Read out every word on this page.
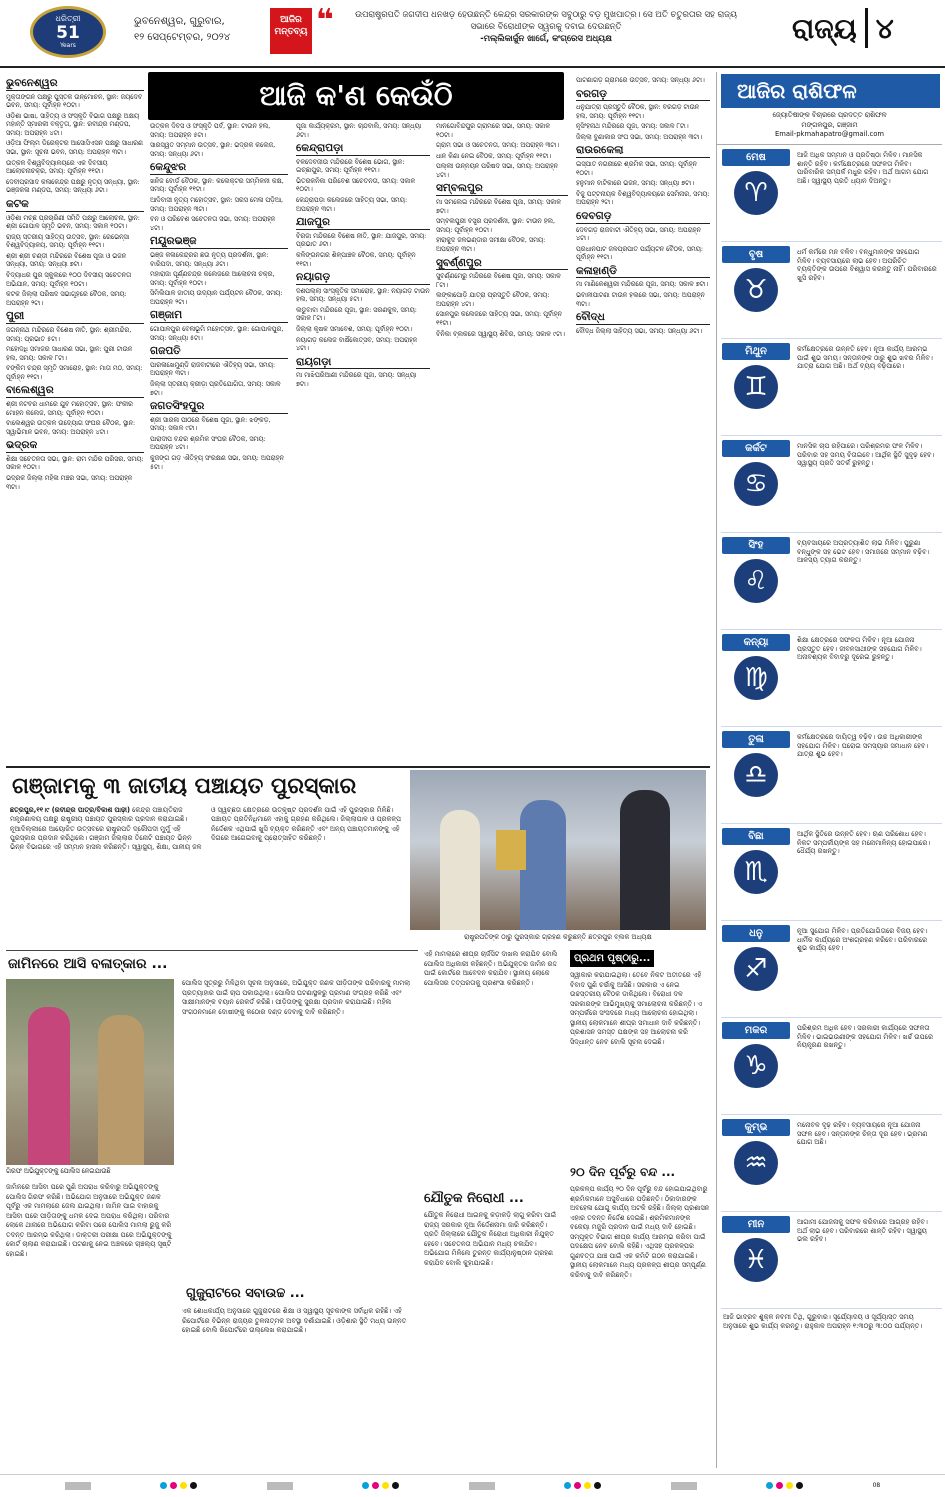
ଧରିତ୍ରୀ
51
Years
ଭୁବନେଶ୍ୱର, ଗୁରୁବାର,
୧୨ ସେପ୍ଟେମ୍ବର, ୨୦୨୪
ଆଜିର
ମନ୍ତବ୍ୟ ❝	ଉପରାଷ୍ଟ୍ରପତି ଜଗଦୀପ ଧନଖଡ଼ ହେଉଛନ୍ତି କେନ୍ଦ୍ର ସରକାରଙ୍କ ସବୁଠାରୁ ବଡ଼ ମୁଖପାତ୍ର। ସେ ଅତି ଚତୁରତାର ସହ ରାଜ୍ୟ ସଭାରେ ବିରୋଧୀଙ୍କ ସ୍ୱରକୁ ଦବାଇ ଦେଉଛନ୍ତି
-ମଲ୍ଲିକାର୍ଜୁନ ଖାର୍ଗେ, କଂଗ୍ରେସ ଅଧ୍ୟକ୍ଷ	ରାଜ୍ୟ ୪
ଆଜି କ'ଣ କେଉଁଠି
ଭୁବନେଶ୍ୱର

ମୁକ୍ତାଙ୍ଗନ ପକ୍ଷରୁ ପୁସ୍ତକ ଉନ୍ମୋଚନ, ସ୍ଥାନ: ଜୟଦେବ ଭବନ, ସମୟ: ପୂର୍ବାହ୍ନ ୧୦ଟା।

ଓଡ଼ିଶା ଭାଷା, ସାହିତ୍ୟ ଓ ସଂସ୍କୃତି ବିଭାଗ ପକ୍ଷରୁ ଅକ୍ଷୟ ମହାନ୍ତି ସ୍ମାରକୀ ବକ୍ତୃତା, ସ୍ଥାନ: ରବୀନ୍ଦ୍ର ମଣ୍ଡପ, ସମୟ: ଅପରାହ୍ନ ୪ଟା।

ଓଡ଼ିଆ ଫିଲ୍ମ ଡିରେକ୍ଟର ଆସୋସିଏସନ ପକ୍ଷରୁ ସାଧାରଣ ସଭା, ସ୍ଥାନ: ସୂଚନା ଭବନ, ସମୟ: ଅପରାହ୍ନ ୩ଟା।

ଉତ୍କଳ ବିଶ୍ୱବିଦ୍ୟାଳୟରେ ଏକ ଦିବସୀୟ ଆଲୋଚନାଚକ୍ର, ସମୟ: ପୂର୍ବାହ୍ନ ୧୧ଟା।

ଦେବୀପ୍ରସାଦ କଳାକେନ୍ଦ୍ର ପକ୍ଷରୁ ନୃତ୍ୟ ସନ୍ଧ୍ୟା, ସ୍ଥାନ: ଭଞ୍ଜକଳା ମଣ୍ଡପ, ସମୟ: ସନ୍ଧ୍ୟା ୬ଟା।

କଟକ

ଓଡ଼ିଶା ମଚ୍ଛ ପ୍ରଚାରିଣୀ ସମିତି ପକ୍ଷରୁ ଆଲୋଚନା, ସ୍ଥାନ: ଶ୍ରୀ ଗୋପାଳ ସ୍ମୃତି ଭବନ, ସମୟ: ସକାଳ ୧୦ଟା।

ରାଜ୍ୟ ସ୍ତରୀୟ ସାହିତ୍ୟ ଉତ୍ସବ, ସ୍ଥାନ: ରେଭେନ୍ସା ବିଶ୍ୱବିଦ୍ୟାଳୟ, ସମୟ: ପୂର୍ବାହ୍ନ ୧୧ଟା।

ଶ୍ରୀ ଶ୍ରୀ ଚଣ୍ଡୀ ମନ୍ଦିରରେ ବିଶେଷ ପୂଜା ଓ ଭଜନ ସନ୍ଧ୍ୟା, ସମୟ: ସନ୍ଧ୍ୟା ୭ଟା।

ବିଦ୍ୟାଧର ପୁର ସ୍କୁଲରେ ୧୦୦ ଦିବସୀୟ ସଚେତନତା ଅଭିଯାନ, ସମୟ: ପୂର୍ବାହ୍ନ ୧୦ଟା।

କଟକ ଜିଲ୍ଲା ପରିଷଦ ସଭାଗୃହରେ ବୈଠକ, ସମୟ: ଅପରାହ୍ନ ୨ଟା।

ପୁରୀ

ଜଗନ୍ନାଥ ମନ୍ଦିରରେ ବିଶେଷ ନୀତି, ସ୍ଥାନ: ଶ୍ରୀମନ୍ଦିର, ସମୟ: ପ୍ରଭାତ ୫ଟା।

ମହୋଦଧି ସମାଜର ସାଧାରଣ ସଭା, ସ୍ଥାନ: ପୁରୀ ଟାଉନ ହଲ, ସମୟ: ସକାଳ ୮ଟା।

ବଙ୍କିମ ଚନ୍ଦ୍ର ସ୍ମୃତି ସମାରୋହ, ସ୍ଥାନ: ମାତା ମଠ, ସମୟ: ପୂର୍ବାହ୍ନ ୧୧ଟା।

ବାଲେଶ୍ୱର

ଶ୍ରୀ ନଟବର ଧାମରେ ଯୁବ ମହୋତ୍ସବ, ସ୍ଥାନ: ଫକୀର ମୋହନ କଲେଜ, ସମୟ: ପୂର୍ବାହ୍ନ ୧୦ଟା।

ବାଲେଶ୍ୱର ଉତ୍କଳ ଉଦ୍ୟୋଗ ସଂଘର ବୈଠକ, ସ୍ଥାନ: ସ୍ୱାଭିମାନ ଭବନ, ସମୟ: ଅପରାହ୍ନ ୪ଟା।

ଭଦ୍ରକ

ଶିକ୍ଷା ସଚେତନତା ସଭା, ସ୍ଥାନ: ରାମ ମନ୍ଦିର ପରିସର, ସମୟ: ସକାଳ ୧୦ଟା।

ଭଦ୍ରକ ଜିଲ୍ଲା ମହିଳା ମଞ୍ଚର ସଭା, ସମୟ: ଅପରାହ୍ନ ୩ଟା।

ଉତ୍କଳ ଦିବସ ଓ ସଂସ୍କୃତି ପର୍ବ, ସ୍ଥାନ: ଟାଉନ ହଲ, ସମୟ: ଅପରାହ୍ନ ୫ଟା।

ସାରସ୍ୱତ ସମ୍ମାନ ଉତ୍ସବ, ସ୍ଥାନ: ଭଦ୍ରକ କଲେଜ, ସମୟ: ସନ୍ଧ୍ୟା ୬ଟା।

କେନ୍ଦୁଝର

ଖନିଜ ବୋର୍ଡ଼ ବୈଠକ, ସ୍ଥାନ: କଲେକ୍ଟର ସମ୍ମିଳନୀ କକ୍ଷ, ସମୟ: ପୂର୍ବାହ୍ନ ୧୧ଟା।

ଆଦିବାସୀ ନୃତ୍ୟ ମହୋତ୍ସବ, ସ୍ଥାନ: ସରସ ମେଳା ପଡ଼ିଆ, ସମୟ: ଅପରାହ୍ନ ୩ଟା।

ବନ ଓ ପରିବେଶ ସଚେତନତା ସଭା, ସମୟ: ଅପରାହ୍ନ ୪ଟା।

ମୟୂରଭଞ୍ଜ

ଭଞ୍ଜ କଳାକେନ୍ଦ୍ରର ଛଉ ନୃତ୍ୟ ପ୍ରଦର୍ଶନୀ, ସ୍ଥାନ: ବାରିପଦା, ସମୟ: ସନ୍ଧ୍ୟା ୬ଟା।

ମହାରାଜା ପୂର୍ଣ୍ଣଚନ୍ଦ୍ର କଲେଜରେ ଆଲୋଚନା ଚକ୍ର, ସମୟ: ପୂର୍ବାହ୍ନ ୧୦ଟା।

ସିମିଲିପାଳ ଜାତୀୟ ଉଦ୍ୟାନ ପର୍ଯ୍ୟଟନ ବୈଠକ, ସମୟ: ଅପରାହ୍ନ ୨ଟା।

ଗଞ୍ଜାମ

ଗୋପାଳପୁର ବେଳାଭୂମି ମହୋତ୍ସବ, ସ୍ଥାନ: ଗୋପାଳପୁର, ସମୟ: ସନ୍ଧ୍ୟା ୫ଟା।

ଗଜପତି

ପାରଳାଖେମୁଣ୍ଡି ରାଜବାଟୀରେ ଐତିହ୍ୟ ସଭା, ସମୟ: ଅପରାହ୍ନ ୩ଟା।

ଜିଲ୍ଲା ସ୍ତରୀୟ କ୍ରୀଡ଼ା ପ୍ରତିଯୋଗିତା, ସମୟ: ସକାଳ ୭ଟା।

ଜଗତସିଂହପୁର

ଶ୍ରୀ ସାରଳା ପୀଠରେ ବିଶେଷ ପୂଜା, ସ୍ଥାନ: ଝଙ୍କଡ଼, ସମୟ: ସକାଳ ୯ଟା।

ପାରାଦୀପ ବନ୍ଦର ଶ୍ରମିକ ସଂଘର ବୈଠକ, ସମୟ: ଅପରାହ୍ନ ୪ଟା।

କୁଜଙ୍ଗ ଗଡ଼ ଐତିହ୍ୟ ସଂରକ୍ଷଣ ସଭା, ସମୟ: ଅପରାହ୍ନ ୫ଟା।

ପୂଜା କାର୍ଯ୍ୟକ୍ରମ, ସ୍ଥାନ: ଚାନ୍ଦବାଲି, ସମୟ: ସନ୍ଧ୍ୟା ୬ଟା।

କେନ୍ଦ୍ରାପଡ଼ା

ବଳଦେବଜୀଉ ମନ୍ଦିରରେ ବିଶେଷ ଭୋଗ, ସ୍ଥାନ: ଇଚ୍ଛାପୁର, ସମୟ: ପୂର୍ବାହ୍ନ ୧୧ଟା।

ଭିତରକନିକା ପରିବେଶ ସଚେତନତା, ସମୟ: ସକାଳ ୧୦ଟା।

କେନ୍ଦ୍ରାପଡ଼ା କଲେଜରେ ସାହିତ୍ୟ ସଭା, ସମୟ: ଅପରାହ୍ନ ୩ଟା।

ଯାଜପୁର

ବିରଜା ମନ୍ଦିରରେ ବିଶେଷ ନୀତି, ସ୍ଥାନ: ଯାଜପୁର, ସମୟ: ପ୍ରଭାତ ୬ଟା।

କଳିଙ୍ଗନଗର ଶିଳ୍ପାଞ୍ଚଳ ବୈଠକ, ସମୟ: ପୂର୍ବାହ୍ନ ୧୧ଟା।

ନୟାଗଡ଼

ଦଶପଲ୍ଲା ସାଂସ୍କୃତିକ ସମାରୋହ, ସ୍ଥାନ: ନୟାଗଡ଼ ଟାଉନ ହଲ, ସମୟ: ସନ୍ଧ୍ୟା ୫ଟା।

ଲଡୁବାବା ମନ୍ଦିରରେ ପୂଜା, ସ୍ଥାନ: ସରଣକୁଳ, ସମୟ: ସକାଳ ୮ଟା।

ଜିଲ୍ଲା କୃଷକ ସମାବେଶ, ସମୟ: ପୂର୍ବାହ୍ନ ୧୦ଟା।

ନୟାଗଡ଼ କଲେଜ ବାର୍ଷିକୋତ୍ସବ, ସମୟ: ଅପରାହ୍ନ ୪ଟା।

ରାୟଗଡ଼ା

ମା ମାଝିଘରିଆଣୀ ମନ୍ଦିରରେ ପୂଜା, ସମୟ: ସନ୍ଧ୍ୟା ୭ଟା।

ମାନଗୋବିନ୍ଦପୁର ଗ୍ରାମରେ ସଭା, ସମୟ: ସକାଳ ୧୦ଟା।

ଗ୍ରାମ ସଭା ଓ ସଚେତନତା, ସମୟ: ଅପରାହ୍ନ ୩ଟା।

ଧାନ କିଣା ନେଇ ବୈଠକ, ସମୟ: ପୂର୍ବାହ୍ନ ୧୧ଟା।

ପଲ୍ଲୀ ଉନ୍ନୟନ ପରିଷଦ ସଭା, ସମୟ: ଅପରାହ୍ନ ୪ଟା।

ସମ୍ବଲପୁର

ମା ସମଲେଇ ମନ୍ଦିରରେ ବିଶେଷ ପୂଜା, ସମୟ: ସକାଳ ୭ଟା।

ସମ୍ବଲପୁରୀ ବସ୍ତ୍ର ପ୍ରଦର୍ଶନୀ, ସ୍ଥାନ: ଟାଉନ ହଲ, ସମୟ: ପୂର୍ବାହ୍ନ ୧୦ଟା।

ହୀରାକୁଦ ଜଳଭଣ୍ଡାର ସମୀକ୍ଷା ବୈଠକ, ସମୟ: ଅପରାହ୍ନ ୩ଟା।

ସୁବର୍ଣ୍ଣପୁର

ସୁବର୍ଣ୍ଣମେରୁ ମନ୍ଦିରରେ ବିଶେଷ ପୂଜା, ସମୟ: ସକାଳ ୮ଟା।

ଲଙ୍କାପୋଡ଼ି ଯାତ୍ରା ପ୍ରସ୍ତୁତି ବୈଠକ, ସମୟ: ଅପରାହ୍ନ ୪ଟା।

ସୋନପୁର କଲେଜରେ ସାହିତ୍ୟ ସଭା, ସମୟ: ପୂର୍ବାହ୍ନ ୧୧ଟା।

ବିନିକା ବ୍ଲକରେ ସ୍ୱାସ୍ଥ୍ୟ ଶିବିର, ସମୟ: ସକାଳ ୯ଟା।

ପାଟଣାଗଡ଼ ଗ୍ରାମରେ ଉତ୍ସବ, ସମୟ: ସନ୍ଧ୍ୟା ୬ଟା।

ବରଗଡ଼

ଧନୁଯାତ୍ରା ପ୍ରସ୍ତୁତି ବୈଠକ, ସ୍ଥାନ: ବରଗଡ଼ ଟାଉନ ହଲ, ସମୟ: ପୂର୍ବାହ୍ନ ୧୧ଟା।

ନୃସିଂହନାଥ ମନ୍ଦିରରେ ପୂଜା, ସମୟ: ସକାଳ ୮ଟା।

ଜିଲ୍ଲା ବୁଣାକାର ସଂଘ ସଭା, ସମୟ: ଅପରାହ୍ନ ୩ଟା।

ରାଉରକେଲା

ଇସ୍ପାତ ନଗରୀରେ ଶ୍ରମିକ ସଭା, ସମୟ: ପୂର୍ବାହ୍ନ ୧୦ଟା।

ହନୁମାନ ବାଟିକାରେ ଭଜନ, ସମୟ: ସନ୍ଧ୍ୟା ୭ଟା।

ବିଜୁ ପଟ୍ଟନାୟକ ବିଶ୍ୱବିଦ୍ୟାଳୟରେ ସେମିନାର, ସମୟ: ଅପରାହ୍ନ ୨ଟା।

ଦେବଗଡ଼

ଦେବଗଡ଼ ରାଜବାଟୀ ଐତିହ୍ୟ ସଭା, ସମୟ: ଅପରାହ୍ନ ୪ଟା।

ପ୍ରଧାନପାଟ ଜଳପ୍ରପାତ ପର୍ଯ୍ୟଟନ ବୈଠକ, ସମୟ: ପୂର୍ବାହ୍ନ ୧୧ଟା।

କଳାହାଣ୍ଡି

ମା ମାଣିକେଶ୍ୱରୀ ମନ୍ଦିରରେ ପୂଜା, ସମୟ: ସକାଳ ୭ଟା।

ଭବାନୀପାଟଣା ଟାଉନ ହଲରେ ସଭା, ସମୟ: ଅପରାହ୍ନ ୩ଟା।

ବୌଦ୍ଧ

ବୌଦ୍ଧ ଜିଲ୍ଲା ସାହିତ୍ୟ ସଭା, ସମୟ: ସନ୍ଧ୍ୟା ୬ଟା।

ଆଜିର ରାଶିଫଳ
ଜ୍ୟୋତିଷୀଙ୍କ ବିଚାରରେ ପ୍ରଦତ୍ତ ରାଶିଫଳ
ମଙ୍ଗଳପୁର, ଗଞ୍ଜାମ
Email-pkmahapatro@gmail.com
ମେଷ
♈
ଆଜି ଅଧିକ ସମ୍ମାନ ଓ ପ୍ରତିଷ୍ଠା ମିଳିବ। ମାନସିକ ଶାନ୍ତି ରହିବ। କର୍ମକ୍ଷେତ୍ରରେ ସଫଳତା ମିଳିବ। ପାରିବାରିକ ସମ୍ପର୍କ ମଧୁର ରହିବ। ଅର୍ଥ ଆଗମ ଯୋଗ ଅଛି। ସ୍ୱାସ୍ଥ୍ୟ ପ୍ରତି ଧ୍ୟାନ ଦିଅନ୍ତୁ।
ବୃଷ
♉
ଧର୍ମ କର୍ମରେ ମନ ବଳିବ। ବନ୍ଧୁମାନଙ୍କ ସହଯୋଗ ମିଳିବ। ବ୍ୟବସାୟରେ ଲାଭ ହେବ। ଅପରିଚିତ ବ୍ୟକ୍ତିଙ୍କ ଉପରେ ବିଶ୍ୱାସ କରନ୍ତୁ ନାହିଁ। ପରିବାରରେ ଖୁସି ରହିବ।
ମିଥୁନ
♊
କର୍ମକ୍ଷେତ୍ରରେ ଉନ୍ନତି ହେବ। ନୂଆ କାର୍ଯ୍ୟ ଆରମ୍ଭ ପାଇଁ ଶୁଭ ସମୟ। ସନ୍ତାନଙ୍କ ଠାରୁ ଶୁଭ ଖବର ମିଳିବ। ଯାତ୍ରା ଯୋଗ ଅଛି। ଅର୍ଥ ବ୍ୟୟ ବଢ଼ିପାରେ।
କର୍କଟ
♋
ମାନସିକ ଚାପ ରହିପାରେ। ପରିଶ୍ରମର ଫଳ ମିଳିବ। ପରିବାର ସହ ସମୟ ବିତାଇବେ। ଆର୍ଥିକ ସ୍ଥିତି ସୁଦୃଢ଼ ହେବ। ସ୍ୱାସ୍ଥ୍ୟ ପ୍ରତି ସତର୍କ ରୁହନ୍ତୁ।
ସିଂହ
♌
ବ୍ୟବସାୟରେ ଅପ୍ରତ୍ୟାଶିତ ଲାଭ ମିଳିବ। ପୁରୁଣା ବନ୍ଧୁଙ୍କ ସହ ଭେଟ ହେବ। ସମାଜରେ ସମ୍ମାନ ବଢ଼ିବ। ଆଳସ୍ୟ ତ୍ୟାଗ କରନ୍ତୁ।
କନ୍ୟା
♍
ଶିକ୍ଷା କ୍ଷେତ୍ରରେ ସଫଳତା ମିଳିବ। ନୂଆ ଯୋଜନା ପ୍ରସ୍ତୁତ ହେବ। ଜୀବନସାଥୀଙ୍କ ସହଯୋଗ ମିଳିବ। ଅନାବଶ୍ୟକ ବିବାଦରୁ ଦୂରେଇ ରୁହନ୍ତୁ।
ତୁଳା
♎
କର୍ମକ୍ଷେତ୍ରରେ ଦାୟିତ୍ୱ ବଢ଼ିବ। ଉଚ୍ଚ ଅଧିକାରୀଙ୍କ ସହଯୋଗ ମିଳିବ। ଘରୋଇ ସମସ୍ୟାର ସମାଧାନ ହେବ। ଯାତ୍ରା ଶୁଭ ହେବ।
ବିଛା
♏
ଆର୍ଥିକ ସ୍ଥିତିରେ ଉନ୍ନତି ହେବ। ଋଣ ପରିଶୋଧ ହେବ। ନିକଟ ସମ୍ପର୍କୀୟଙ୍କ ସହ ମନୋମାଳିନ୍ୟ ହୋଇପାରେ। ଧୈର୍ଯ୍ୟ ରଖନ୍ତୁ।
ଧନୁ
♐
ନୂଆ ସୁଯୋଗ ମିଳିବ। ପ୍ରତିଯୋଗିତାରେ ବିଜୟ ହେବ। ଧାର୍ମିକ କାର୍ଯ୍ୟରେ ଅଂଶଗ୍ରହଣ କରିବେ। ପରିବାରରେ ଶୁଭ କାର୍ଯ୍ୟ ହେବ।
ମକର
♑
ପରିଶ୍ରମ ଅଧିକ ହେବ। ସରକାରୀ କାର୍ଯ୍ୟରେ ସଫଳତା ମିଳିବ। ଭାଇଭଉଣୀଙ୍କ ସହଯୋଗ ମିଳିବ। ଖର୍ଚ୍ଚ ଉପରେ ନିୟନ୍ତ୍ରଣ ରଖନ୍ତୁ।
କୁମ୍ଭ
♒
ମନୋବଳ ଦୃଢ଼ ରହିବ। ବ୍ୟବସାୟରେ ନୂଆ ଯୋଜନା ସଫଳ ହେବ। ସନ୍ତାନଙ୍କ ଚିନ୍ତା ଦୂର ହେବ। ଭ୍ରମଣ ଯୋଗ ଅଛି।
ମୀନ
♓
ଆଗାମୀ ଯୋଜନାକୁ ସଫଳ କରିବାରେ ଆଗ୍ରହ ରହିବ। ଅର୍ଥ ଲାଭ ହେବ। ପରିବାରରେ ଶାନ୍ତି ରହିବ। ସ୍ୱାସ୍ଥ୍ୟ ଭଲ ରହିବ।
ଆଜି ଭାଦ୍ରବ ଶୁକ୍ଳ ନବମୀ ତିଥି, ଗୁରୁବାର। ସୂର୍ଯ୍ୟୋଦୟ ଓ ସୂର୍ଯ୍ୟାସ୍ତ ସମୟ ଅନୁସାରେ ଶୁଭ କାର୍ଯ୍ୟ କରନ୍ତୁ। ରାହୁକାଳ ଅପରାହ୍ନ ୧:୩୦ରୁ ୩:୦୦ ପର୍ଯ୍ୟନ୍ତ।
ଗଞ୍ଜାମକୁ ୩ ଜାତୀୟ ପଞ୍ଚାୟତ ପୁରସ୍କାର
ଛତ୍ରପୁର,୧୧।୯ (ରବୀନ୍ଦ୍ର ପାତ୍ର/ବିକାଶ ପାଢ଼ୀ) କେନ୍ଦ୍ର ପଞ୍ଚାୟତିରାଜ ମନ୍ତ୍ରଣାଳୟ ପକ୍ଷରୁ ରାଷ୍ଟ୍ରୀୟ ପଞ୍ଚାୟତ ପୁରସ୍କାର ପ୍ରଦାନ କରାଯାଇଛି। ନୂଆଦିଲ୍ଲୀରେ ଆୟୋଜିତ ଉତ୍ସବରେ ରାଷ୍ଟ୍ରପତି ଦ୍ରୌପଦୀ ମୁର୍ମୁ ଏହି ପୁରସ୍କାର ପ୍ରଦାନ କରିଥିଲେ। ଗଞ୍ଜାମ ଜିଲ୍ଲାର ତିନୋଟି ପଞ୍ଚାୟତ ଭିନ୍ନ ଭିନ୍ନ ବିଭାଗରେ ଏହି ସମ୍ମାନ ହାସଲ କରିଛନ୍ତି। ସ୍ୱାସ୍ଥ୍ୟ, ଶିକ୍ଷା, ପାନୀୟ ଜଳ ଓ ସ୍ୱଚ୍ଛତା କ୍ଷେତ୍ରରେ ଉତ୍କୃଷ୍ଟ ପ୍ରଦର୍ଶନ ପାଇଁ ଏହି ପୁରସ୍କାର ମିଳିଛି। ପଞ୍ଚାୟତ ପ୍ରତିନିଧିମାନେ ଏହାକୁ ଗ୍ରହଣ କରିଥିଲେ। ଜିଲ୍ଲାପାଳ ଓ ପ୍ରକଳ୍ପ ନିର୍ଦ୍ଦେଶକ ଏଥିପାଇଁ ଖୁସି ବ୍ୟକ୍ତ କରିଛନ୍ତି ଏବଂ ଅନ୍ୟ ପଞ୍ଚାୟତମାନଙ୍କୁ ଏହି ଦିଗରେ ଆଗେଇବାକୁ ପ୍ରୋତ୍ସାହିତ କରିଛନ୍ତି।
ରାଷ୍ଟ୍ରପତିଙ୍କ ଠାରୁ ପୁରସ୍କାର ଗ୍ରହଣ କରୁଛନ୍ତି ଛତ୍ରପୁର ବ୍ଲକ ଅଧ୍ୟକ୍ଷ
ଜାମିନରେ ଆସି ବଳାତ୍କାର ...
ଗିରଫ ଅଭିଯୁକ୍ତଙ୍କୁ ପୋଲିସ ନେଇଯାଉଛି
ଜାମିନରେ ଆସିବା ପରେ ପୁଣି ଅପରାଧ କରିବାରୁ ଅଭିଯୁକ୍ତଙ୍କୁ ପୋଲିସ ଗିରଫ କରିଛି। ଅଭିଯୋଗ ଅନୁସାରେ ଅଭିଯୁକ୍ତ ଜଣକ ପୂର୍ବରୁ ଏକ ମାମଲାରେ ଜେଲ ଯାଇଥିଲା। ଜାମିନ ପାଇ ବାହାରକୁ ଆସିବା ପରେ ପୀଡ଼ିତାଙ୍କୁ ଧମକ ଦେଇ ଅପରାଧ କରିଥିଲା। ପରିବାର ଲୋକେ ଥାନାରେ ଅଭିଯୋଗ କରିବା ପରେ ପୋଲିସ ମାମଲା ରୁଜୁ କରି ତଦନ୍ତ ଆରମ୍ଭ କରିଥିଲା। ଡାକ୍ତରୀ ପରୀକ୍ଷା ପରେ ଅଭିଯୁକ୍ତଙ୍କୁ କୋର୍ଟ ଚାଲାଣ କରାଯାଇଛି। ଘଟଣାକୁ ନେଇ ଅଞ୍ଚଳରେ ଚାଞ୍ଚଲ୍ୟ ସୃଷ୍ଟି ହୋଇଛି।
ପୋଲିସ ସୂତ୍ରରୁ ମିଳିଥିବା ସୂଚନା ଅନୁସାରେ, ଅଭିଯୁକ୍ତ ଜଣକ ପୀଡ଼ିତାଙ୍କ ପରିବାରକୁ ମାମଲା ପ୍ରତ୍ୟାହାର ପାଇଁ ଚାପ ପକାଉଥିଲା। ପୋଲିସ ଘଟଣାସ୍ଥଳରୁ ପ୍ରମାଣ ସଂଗ୍ରହ କରିଛି ଏବଂ ସାକ୍ଷୀମାନଙ୍କ ବୟାନ ରେକର୍ଡ କରିଛି। ପୀଡ଼ିତାଙ୍କୁ ସୁରକ୍ଷା ପ୍ରଦାନ କରାଯାଇଛି। ମହିଳା ସଂଗଠନମାନେ ଦୋଷୀଙ୍କୁ କଠୋର ଦଣ୍ଡ ଦେବାକୁ ଦାବି କରିଛନ୍ତି।
ଗୁଜୁରାଟରେ ସବାଉଚ୍ଚ ...
ଏକ ଶୋଧକାର୍ଯ୍ୟ ଅନୁସାରେ ଗୁଜୁରାଟରେ ଶିକ୍ଷା ଓ ସ୍ୱାସ୍ଥ୍ୟ ସୂଚକାଙ୍କ ସର୍ବାଧିକ ରହିଛି। ଏହି ରିପୋର୍ଟରେ ବିଭିନ୍ନ ରାଜ୍ୟର ତୁଳନାତ୍ମକ ଅବସ୍ଥା ଦର୍ଶାଯାଇଛି। ଓଡ଼ିଶାର ସ୍ଥିତି ମଧ୍ୟ ଉନ୍ନତ ହୋଇଛି ବୋଲି ରିପୋର୍ଟରେ ଉଲ୍ଲେଖ କରାଯାଇଛି।
ଏହି ମାମଲାରେ ଶୀଘ୍ର ଚାର୍ଜସିଟ ଦାଖଲ କରାଯିବ ବୋଲି ପୋଲିସ ଅଧିକାରୀ କହିଛନ୍ତି। ଅଭିଯୁକ୍ତର ଜାମିନ ରଦ୍ଦ ପାଇଁ କୋର୍ଟରେ ଆବେଦନ କରାଯିବ। ସ୍ଥାନୀୟ ଲୋକେ ପୋଲିସର ତତ୍ପରତାକୁ ପ୍ରଶଂସା କରିଛନ୍ତି।
ଯୌତୁକ ନିରୋଧୀ ...
ଯୌତୁକ ନିରୋଧୀ ଆଇନକୁ କଡ଼ାକଡ଼ି ଲାଗୁ କରିବା ପାଇଁ ରାଜ୍ୟ ସରକାର ନୂଆ ନିର୍ଦ୍ଦେଶନାମା ଜାରି କରିଛନ୍ତି। ପ୍ରତି ଜିଲ୍ଲାରେ ଯୌତୁକ ନିରୋଧୀ ଅଧିକାରୀ ନିଯୁକ୍ତ ହେବେ। ସଚେତନତା ଅଭିଯାନ ମଧ୍ୟ ଚଳାଯିବ। ଅଭିଯୋଗ ମିଳିଲେ ତୁରନ୍ତ କାର୍ଯ୍ୟାନୁଷ୍ଠାନ ଗ୍ରହଣ କରାଯିବ ବୋଲି କୁହାଯାଇଛି।
ପ୍ରଥମ ପୃଷ୍ଠାରୁ...
ସ୍ୱୀକାର କରାଯାଇଥିଲା। ତେବେ ନିକଟ ଅତୀତରେ ଏହି ବିବାଦ ପୁଣି ଚର୍ଚ୍ଚାକୁ ଆସିଛି। ସରକାର ଏ ନେଇ ଉଚ୍ଚସ୍ତରୀୟ ବୈଠକ ଡାକିଥିଲେ। ବିରୋଧୀ ଦଳ ସରକାରଙ୍କ ଆଭିମୁଖ୍ୟକୁ ସମାଲୋଚନା କରିଛନ୍ତି। ଏ ସମ୍ପର୍କରେ ସଂସଦରେ ମଧ୍ୟ ଆଲୋଚନା ହୋଇଥିଲା। ସ୍ଥାନୀୟ ଲୋକମାନେ ଶୀଘ୍ର ସମାଧାନ ଦାବି କରିଛନ୍ତି। ପ୍ରଶାସନ ସମସ୍ତ ପକ୍ଷଙ୍କ ସହ ଆଲୋଚନା କରି ସିଦ୍ଧାନ୍ତ ନେବ ବୋଲି ସୂଚନା ଦେଇଛି।
୨୦ ଦିନ ପୂର୍ବରୁ ବନ୍ଦ ...
ପ୍ରକଳ୍ପ କାର୍ଯ୍ୟ ୨୦ ଦିନ ପୂର୍ବରୁ ବନ୍ଦ ହୋଇଯାଇଥିବାରୁ ଶ୍ରମିକମାନେ ଅସୁବିଧାରେ ପଡ଼ିଛନ୍ତି। ଠିକାଦାରଙ୍କ ଅବହେଳା ଯୋଗୁ କାର୍ଯ୍ୟ ଅଟକି ରହିଛି। ଜିଲ୍ଲା ପ୍ରଶାସନ ଏହାର ତଦନ୍ତ ନିର୍ଦ୍ଦେଶ ଦେଇଛି। ଶ୍ରମିକମାନଙ୍କ ବକେୟା ମଜୁରି ପ୍ରଦାନ ପାଇଁ ମଧ୍ୟ ଦାବି ହୋଇଛି। ସମ୍ପୃକ୍ତ ବିଭାଗ ଶୀଘ୍ର କାର୍ଯ୍ୟ ଆରମ୍ଭ କରିବା ପାଇଁ ପଦକ୍ଷେପ ନେବ ବୋଲି କହିଛି। ଏଥିସହ ପ୍ରକଳ୍ପର ଗୁଣବତ୍ତା ଯାଞ୍ଚ ପାଇଁ ଏକ କମିଟି ଗଠନ କରାଯାଇଛି। ସ୍ଥାନୀୟ ଲୋକମାନେ ମଧ୍ୟ ପ୍ରକଳ୍ପ ଶୀଘ୍ର ସମ୍ପୂର୍ଣ୍ଣ କରିବାକୁ ଦାବି କରିଛନ୍ତି।
08
